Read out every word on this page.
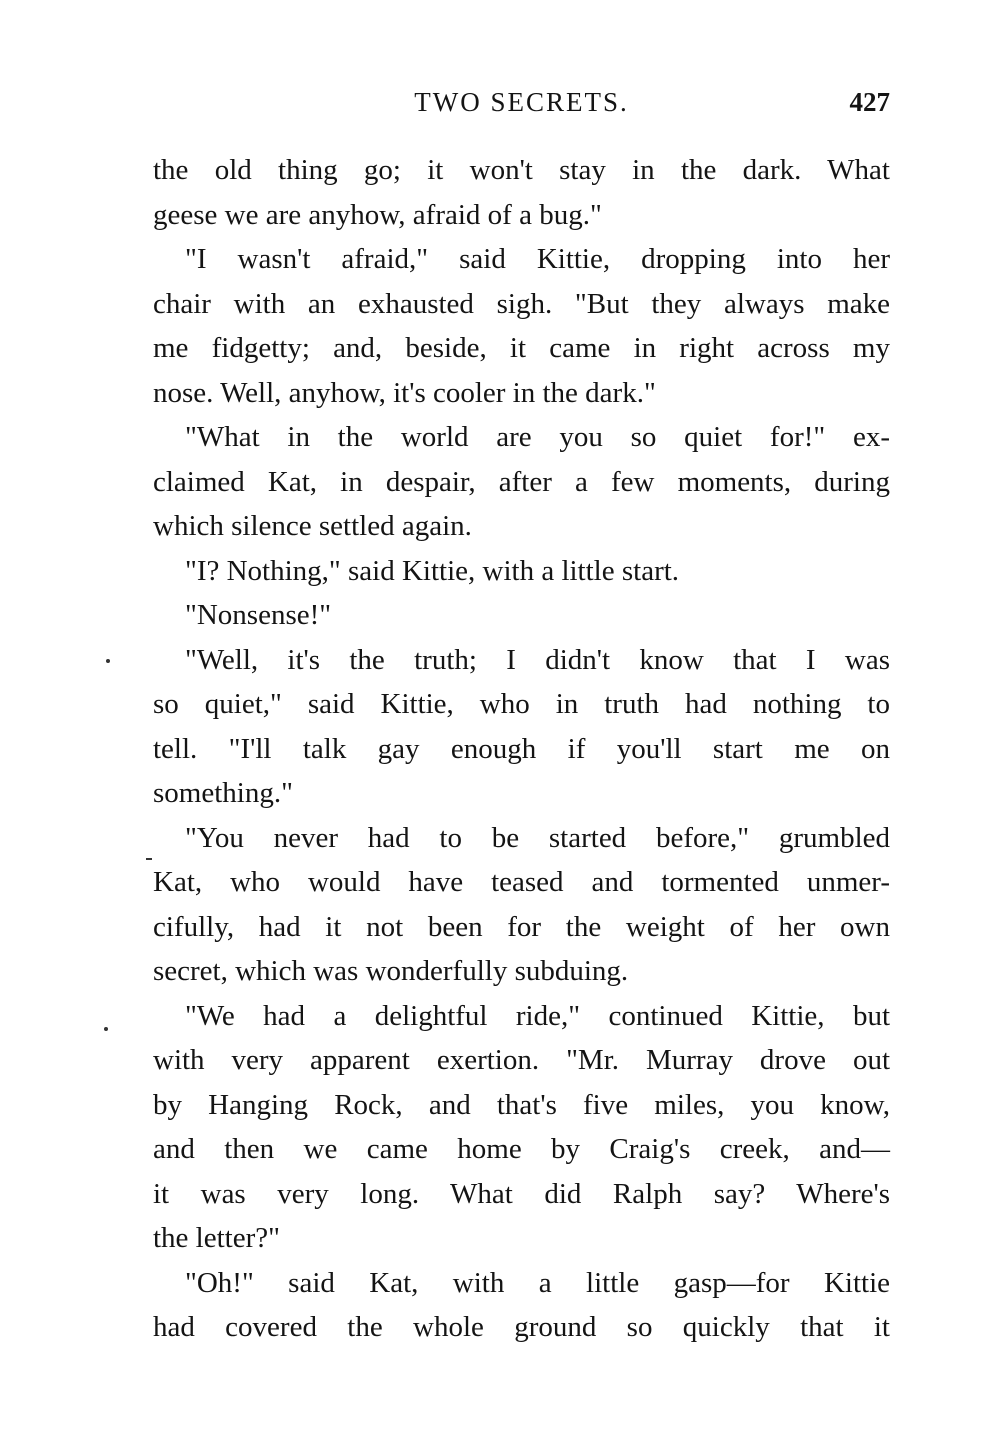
TWO SECRETS.	427
the old thing go; it won't stay in the dark. What
geese we are anyhow, afraid of a bug."
"I wasn't afraid," said Kittie, dropping into her
chair with an exhausted sigh. "But they always make
me fidgetty; and, beside, it came in right across my
nose. Well, anyhow, it's cooler in the dark."
"What in the world are you so quiet for!" ex-
claimed Kat, in despair, after a few moments, during
which silence settled again.
"I? Nothing," said Kittie, with a little start.
"Nonsense!"
"Well, it's the truth; I didn't know that I was
so quiet," said Kittie, who in truth had nothing to
tell. "I'll talk gay enough if you'll start me on
something."
"You never had to be started before," grumbled
Kat, who would have teased and tormented unmer-
cifully, had it not been for the weight of her own
secret, which was wonderfully subduing.
"We had a delightful ride," continued Kittie, but
with very apparent exertion. "Mr. Murray drove out
by Hanging Rock, and that's five miles, you know,
and then we came home by Craig's creek, and—
it was very long. What did Ralph say? Where's
the letter?"
"Oh!" said Kat, with a little gasp—for Kittie
had covered the whole ground so quickly that it
